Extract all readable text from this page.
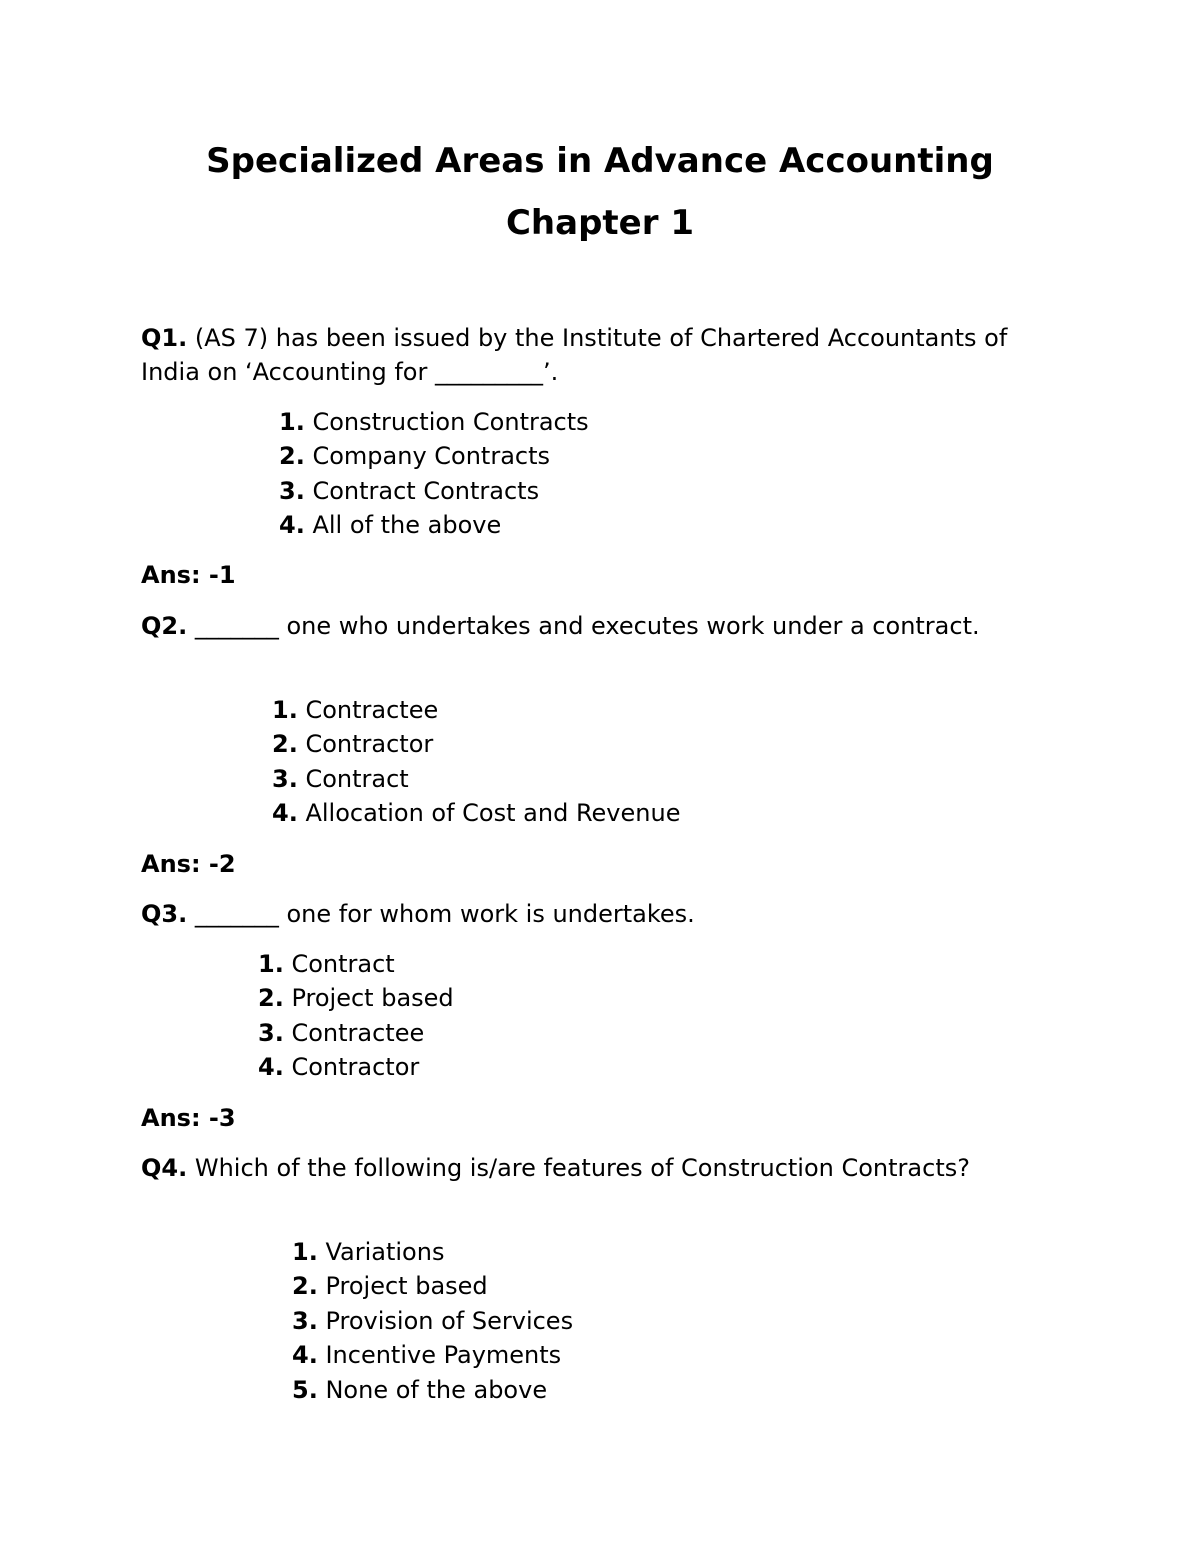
Specialized Areas in Advance Accounting
Chapter 1
Q1. (AS 7) has been issued by the Institute of Chartered Accountants of India on ‘Accounting for _________’.
1. Construction Contracts
2. Company Contracts
3. Contract Contracts
4. All of the above
Ans: -1
Q2. _______ one who undertakes and executes work under a contract.
1. Contractee
2. Contractor
3. Contract
4. Allocation of Cost and Revenue
Ans: -2
Q3. _______ one for whom work is undertakes.
1. Contract
2. Project based
3. Contractee
4. Contractor
Ans: -3
Q4. Which of the following is/are features of Construction Contracts?
1. Variations
2. Project based
3. Provision of Services
4. Incentive Payments
5. None of the above
